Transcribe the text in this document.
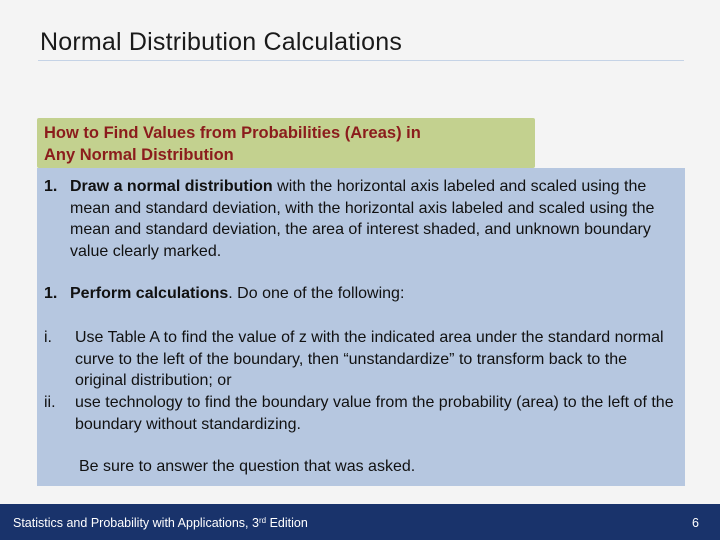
Normal Distribution Calculations
How to Find Values from Probabilities (Areas) in
Any Normal Distribution
1. Draw a normal distribution with the horizontal axis labeled and scaled using the mean and standard deviation, with the horizontal axis labeled and scaled using the mean and standard deviation, the area of interest shaded, and unknown boundary value clearly marked.
1. Perform calculations. Do one of the following:
i. Use Table A to find the value of z with the indicated area under the standard normal curve to the left of the boundary, then “unstandardize” to transform back to the original distribution; or
ii. use technology to find the boundary value from the probability (area) to the left of the boundary without standardizing.
Be sure to answer the question that was asked.
Statistics and Probability with Applications, 3rd Edition	6
